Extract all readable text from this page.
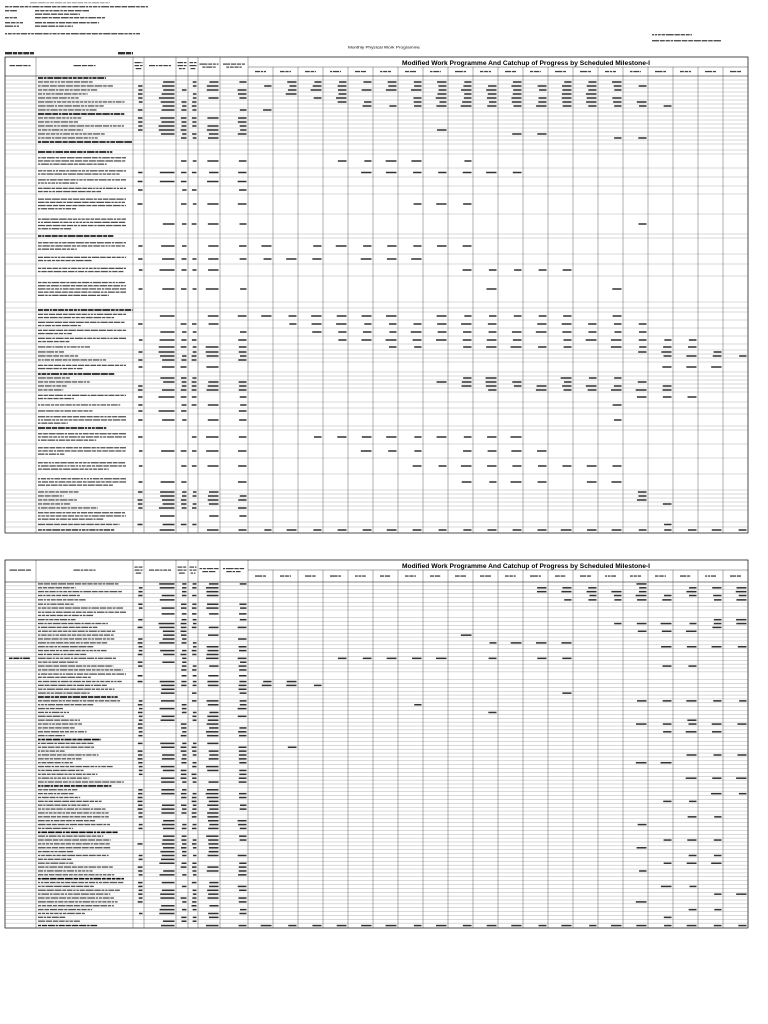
Monthly Physical Work Programme
Modified Work Programme And Catchup of Progress by Scheduled Milestone-I
Modified Work Programme And Catchup of Progress by Scheduled Milestone-I
